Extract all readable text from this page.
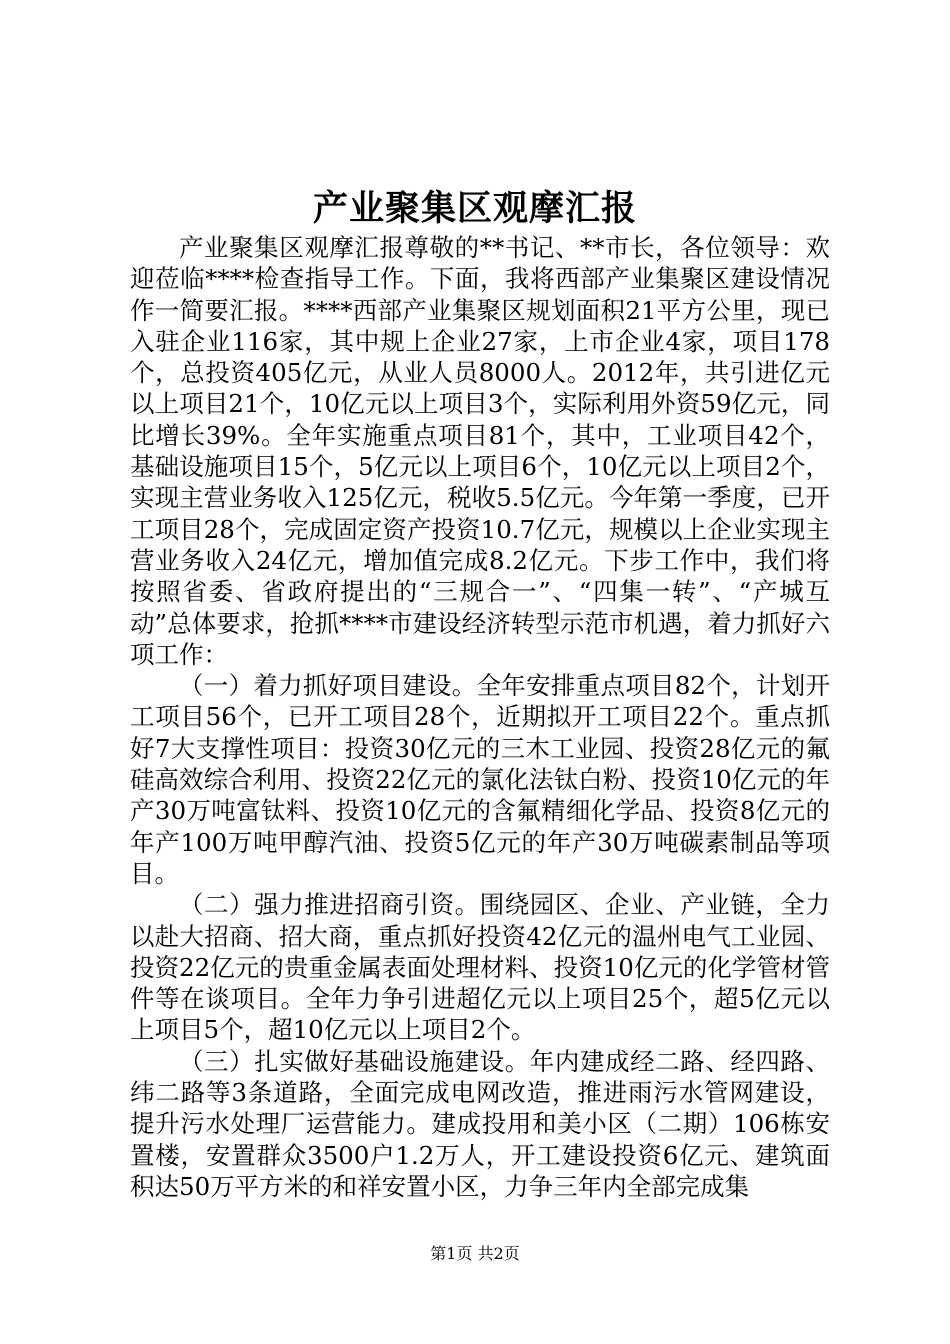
产业聚集区观摩汇报

产业聚集区观摩汇报尊敬的**书记、**市长，各位领导：欢迎莅临****检查指导工作。下面，我将西部产业集聚区建设情况作一简要汇报。****西部产业集聚区规划面积21平方公里，现已入驻企业116家，其中规上企业27家，上市企业4家，项目178个，总投资405亿元，从业人员8000人。2012年，共引进亿元以上项目21个，10亿元以上项目3个，实际利用外资59亿元，同比增长39%。全年实施重点项目81个，其中，工业项目42个，基础设施项目15个，5亿元以上项目6个，10亿元以上项目2个，实现主营业务收入125亿元，税收5.5亿元。今年第一季度，已开工项目28个，完成固定资产投资10.7亿元，规模以上企业实现主营业务收入24亿元，增加值完成8.2亿元。下步工作中，我们将按照省委、省政府提出的“三规合一”、“四集一转”、“产城互动”总体要求，抢抓****市建设经济转型示范市机遇，着力抓好六项工作：

（一）着力抓好项目建设。全年安排重点项目82个，计划开工项目56个，已开工项目28个，近期拟开工项目22个。重点抓好7大支撑性项目：投资30亿元的三木工业园、投资28亿元的氟硅高效综合利用、投资22亿元的氯化法钛白粉、投资10亿元的年产30万吨富钛料、投资10亿元的含氟精细化学品、投资8亿元的年产100万吨甲醇汽油、投资5亿元的年产30万吨碳素制品等项目。

（二）强力推进招商引资。围绕园区、企业、产业链，全力以赴大招商、招大商，重点抓好投资42亿元的温州电气工业园、投资22亿元的贵重金属表面处理材料、投资10亿元的化学管材管件等在谈项目。全年力争引进超亿元以上项目25个，超5亿元以上项目5个，超10亿元以上项目2个。

（三）扎实做好基础设施建设。年内建成经二路、经四路、纬二路等3条道路，全面完成电网改造，推进雨污水管网建设，提升污水处理厂运营能力。建成投用和美小区（二期）106栋安置楼，安置群众3500户1.2万人，开工建设投资6亿元、建筑面积达50万平方米的和祥安置小区，力争三年内全部完成集

第1页 共2页
